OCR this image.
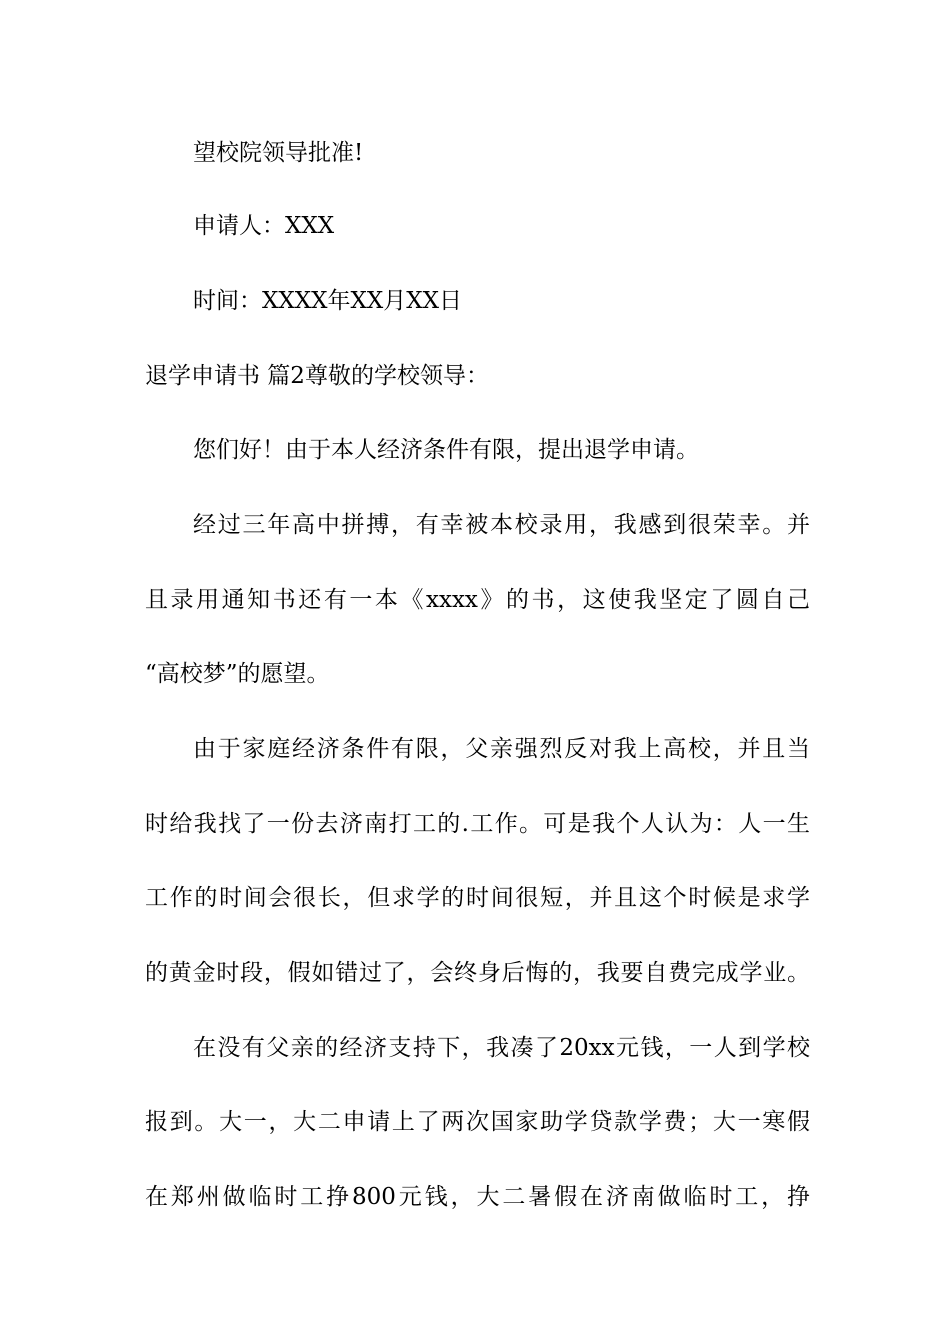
望校院领导批准!
申请人：XXX
时间：XXXX年XX月XX日
退学申请书 篇2尊敬的学校领导：
您们好！由于本人经济条件有限，提出退学申请。
经过三年高中拼搏，有幸被本校录用，我感到很荣幸。并
且录用通知书还有一本《xxxx》的书，这使我坚定了圆自己
“高校梦”的愿望。
由于家庭经济条件有限，父亲强烈反对我上高校，并且当
时给我找了一份去济南打工的.工作。可是我个人认为：人一生
工作的时间会很长，但求学的时间很短，并且这个时候是求学
的黄金时段，假如错过了，会终身后悔的，我要自费完成学业。
在没有父亲的经济支持下，我凑了20xx元钱，一人到学校
报到。大一，大二申请上了两次国家助学贷款学费；大一寒假
在郑州做临时工挣800元钱，大二暑假在济南做临时工，挣
